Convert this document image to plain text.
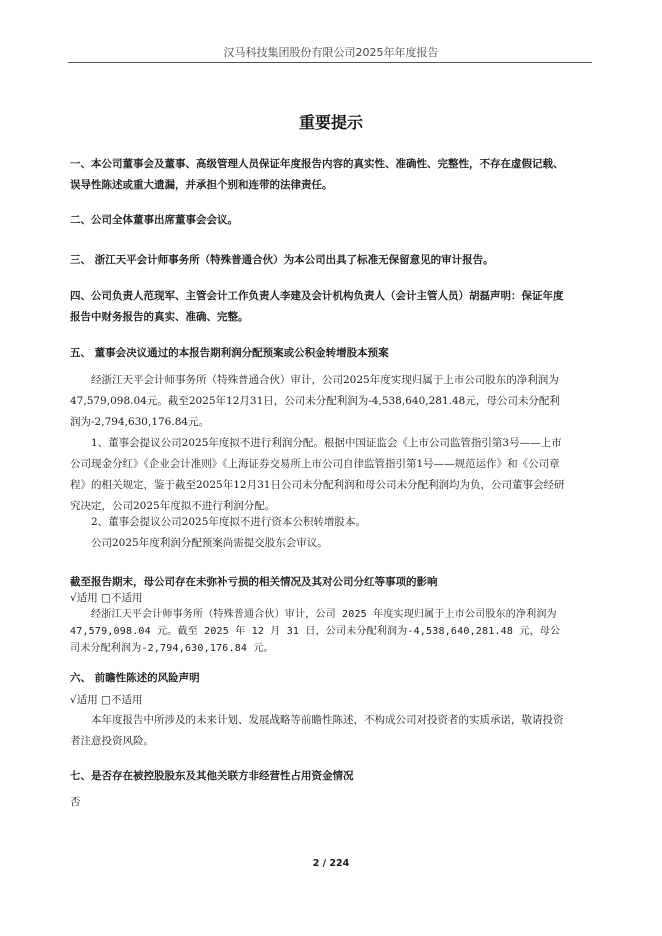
汉马科技集团股份有限公司2025年年度报告
重要提示
一、本公司董事会及董事、高级管理人员保证年度报告内容的真实性、准确性、完整性，不存在虚假记载、误导性陈述或重大遗漏，并承担个别和连带的法律责任。
二、公司全体董事出席董事会会议。
三、 浙江天平会计师事务所（特殊普通合伙）为本公司出具了标准无保留意见的审计报告。
四、公司负责人范现军、主管会计工作负责人李建及会计机构负责人（会计主管人员）胡磊声明：保证年度报告中财务报告的真实、准确、完整。
五、 董事会决议通过的本报告期利润分配预案或公积金转增股本预案
经浙江天平会计师事务所（特殊普通合伙）审计，公司2025年度实现归属于上市公司股东的净利润为47,579,098.04元。截至2025年12月31日，公司未分配利润为-4,538,640,281.48元，母公司未分配利润为-2,794,630,176.84元。
1、董事会提议公司2025年度拟不进行利润分配。根据中国证监会《上市公司监管指引第3号——上市公司现金分红》《企业会计准则》《上海证券交易所上市公司自律监管指引第1号——规范运作》和《公司章程》的相关规定，鉴于截至2025年12月31日公司未分配利润和母公司未分配利润均为负，公司董事会经研究决定，公司2025年度拟不进行利润分配。
2、董事会提议公司2025年度拟不进行资本公积转增股本。
公司2025年度利润分配预案尚需提交股东会审议。
截至报告期末，母公司存在未弥补亏损的相关情况及其对公司分红等事项的影响
√适用 □不适用
经浙江天平会计师事务所（特殊普通合伙）审计，公司 2025 年度实现归属于上市公司股东的净利润为 47,579,098.04 元。截至 2025 年 12 月 31 日，公司未分配利润为-4,538,640,281.48 元，母公司未分配利润为-2,794,630,176.84 元。
六、 前瞻性陈述的风险声明
√适用 □不适用
本年度报告中所涉及的未来计划、发展战略等前瞻性陈述，不构成公司对投资者的实质承诺，敬请投资者注意投资风险。
七、是否存在被控股股东及其他关联方非经营性占用资金情况
否
2 / 224
